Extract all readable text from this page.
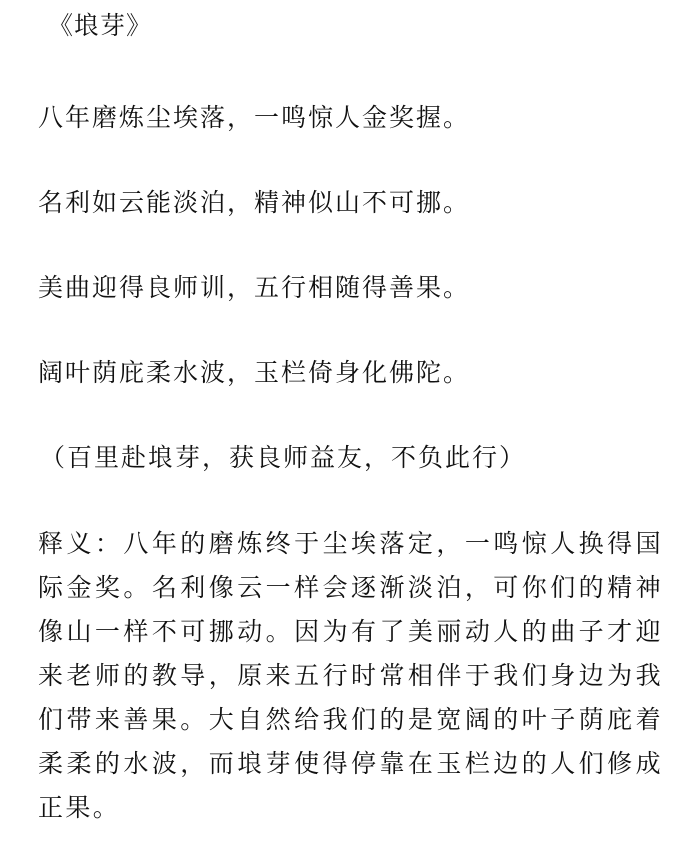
《埌芽》
八年磨炼尘埃落，一鸣惊人金奖握。
名利如云能淡泊，精神似山不可挪。
美曲迎得良师训，五行相随得善果。
阔叶荫庇柔水波，玉栏倚身化佛陀。
（百里赴埌芽，获良师益友，不负此行）
释义：八年的磨炼终于尘埃落定，一鸣惊人换得国际金奖。名利像云一样会逐渐淡泊，可你们的精神像山一样不可挪动。因为有了美丽动人的曲子才迎来老师的教导，原来五行时常相伴于我们身边为我们带来善果。大自然给我们的是宽阔的叶子荫庇着柔柔的水波，而埌芽使得停靠在玉栏边的人们修成正果。
